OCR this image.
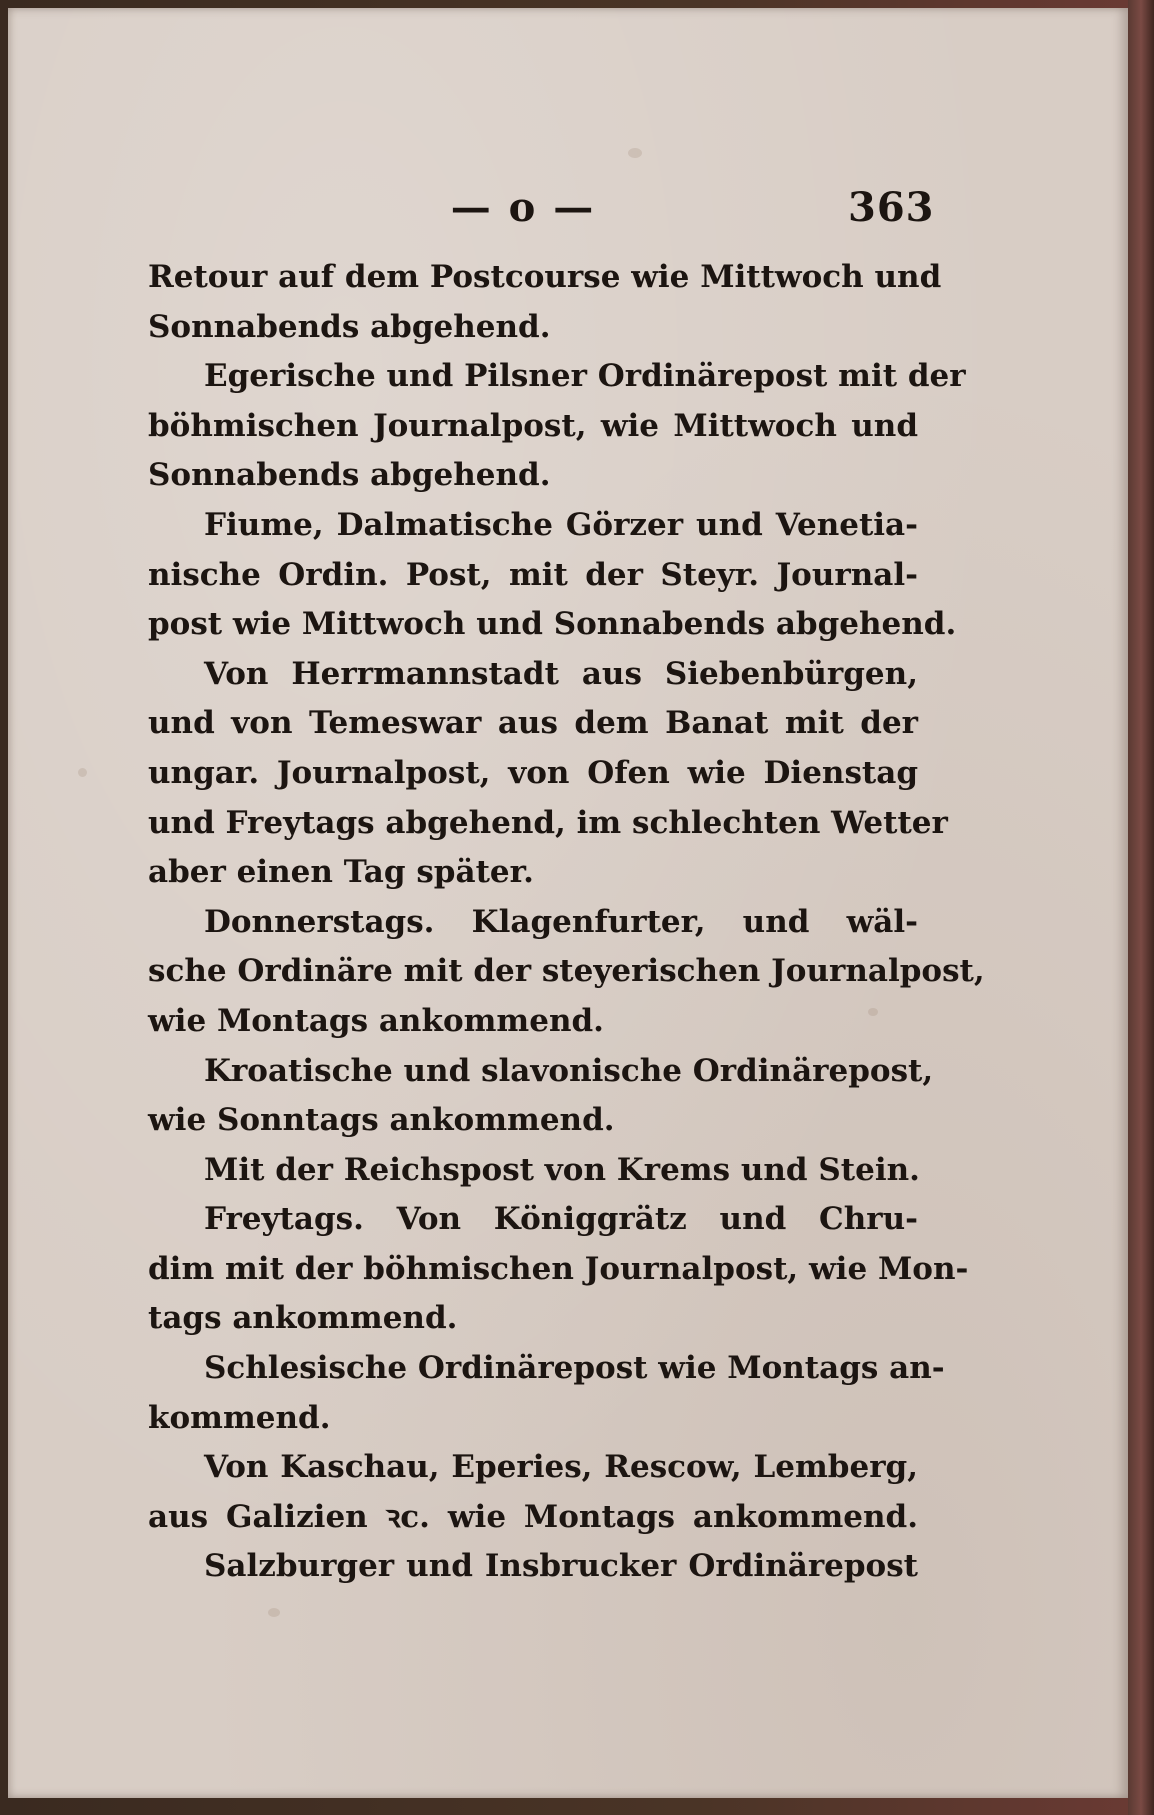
— o —	363
Retour auf dem Postcourse wie Mittwoch und
Sonnabends abgehend.
Egerische und Pilsner Ordinärepost mit der
böhmischen Journalpost, wie Mittwoch und
Sonnabends abgehend.
Fiume, Dalmatische Görzer und Venetia-
nische Ordin. Post, mit der Steyr. Journal-
post wie Mittwoch und Sonnabends abgehend.
Von Herrmannstadt aus Siebenbürgen,
und von Temeswar aus dem Banat mit der
ungar. Journalpost, von Ofen wie Dienstag
und Freytags abgehend, im schlechten Wetter
aber einen Tag später.
Donnerstags. Klagenfurter, und wäl-
sche Ordinäre mit der steyerischen Journalpost,
wie Montags ankommend.
Kroatische und slavonische Ordinärepost,
wie Sonntags ankommend.
Mit der Reichspost von Krems und Stein.
Freytags. Von Königgrätz und Chru-
dim mit der böhmischen Journalpost, wie Mon-
tags ankommend.
Schlesische Ordinärepost wie Montags an-
kommend.
Von Kaschau, Eperies, Rescow, Lemberg,
aus Galizien ꝛc. wie Montags ankommend.
Salzburger und Insbrucker Ordinärepost
